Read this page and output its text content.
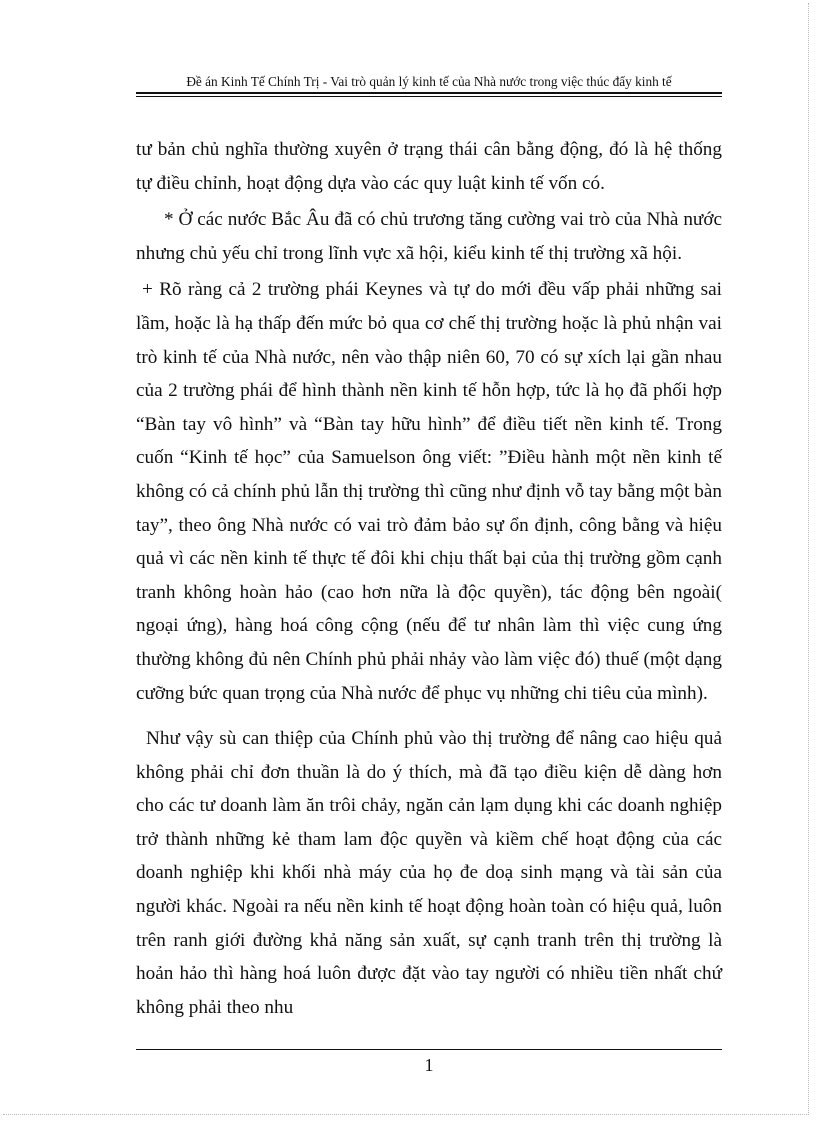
Đề án Kinh Tế Chính Trị - Vai trò quản lý kinh tế của Nhà nước trong việc thúc đẩy kinh tế

tư bản chủ nghĩa thường xuyên ở trạng thái cân bằng động, đó là hệ thống tự điều chỉnh, hoạt động dựa vào các quy luật kinh tế vốn có.

* Ở các nước Bắc Âu đã có chủ trương tăng cường vai trò của Nhà nước nhưng chủ yếu chỉ trong lĩnh vực xã hội, kiểu kinh tế thị trường xã hội.

+ Rõ ràng cả 2 trường phái Keynes và tự do mới đều vấp phải những sai lầm, hoặc là hạ thấp đến mức bỏ qua cơ chế thị trường hoặc là phủ nhận vai trò kinh tế của Nhà nước, nên vào thập niên 60, 70 có sự xích lại gần nhau của 2 trường phái để hình thành nền kinh tế hỗn hợp, tức là họ đã phối hợp “Bàn tay vô hình” và “Bàn tay hữu hình” để điều tiết nền kinh tế. Trong cuốn “Kinh tế học” của Samuelson ông viết: ”Điều hành một nền kinh tế không có cả chính phủ lẫn thị trường thì cũng như định vỗ tay bằng một bàn tay”, theo ông Nhà nước có vai trò đảm bảo sự ổn định, công bằng và hiệu quả vì các nền kinh tế thực tế đôi khi chịu thất bại của thị trường gồm cạnh tranh không hoàn hảo (cao hơn nữa là độc quyền), tác động bên ngoài( ngoại ứng), hàng hoá công cộng (nếu để tư nhân làm thì việc cung ứng thường không đủ nên Chính phủ phải nhảy vào làm việc đó) thuế (một dạng cưỡng bức quan trọng của Nhà nước để phục vụ những chi tiêu của mình).

Như vậy sù can thiệp của Chính phủ vào thị trường để nâng cao hiệu quả không phải chỉ đơn thuần là do ý thích, mà đã tạo điều kiện dễ dàng hơn cho các tư doanh làm ăn trôi chảy, ngăn cản lạm dụng khi các doanh nghiệp trở thành những kẻ tham lam độc quyền và kiềm chế hoạt động của các doanh nghiệp khi khối nhà máy của họ đe doạ sinh mạng và tài sản của người khác. Ngoài ra nếu nền kinh tế hoạt động hoàn toàn có hiệu quả, luôn trên ranh giới đường khả năng sản xuất, sự cạnh tranh trên thị trường là hoản hảo thì hàng hoá luôn được đặt vào tay người có nhiều tiền nhất chứ không phải theo nhu

1
